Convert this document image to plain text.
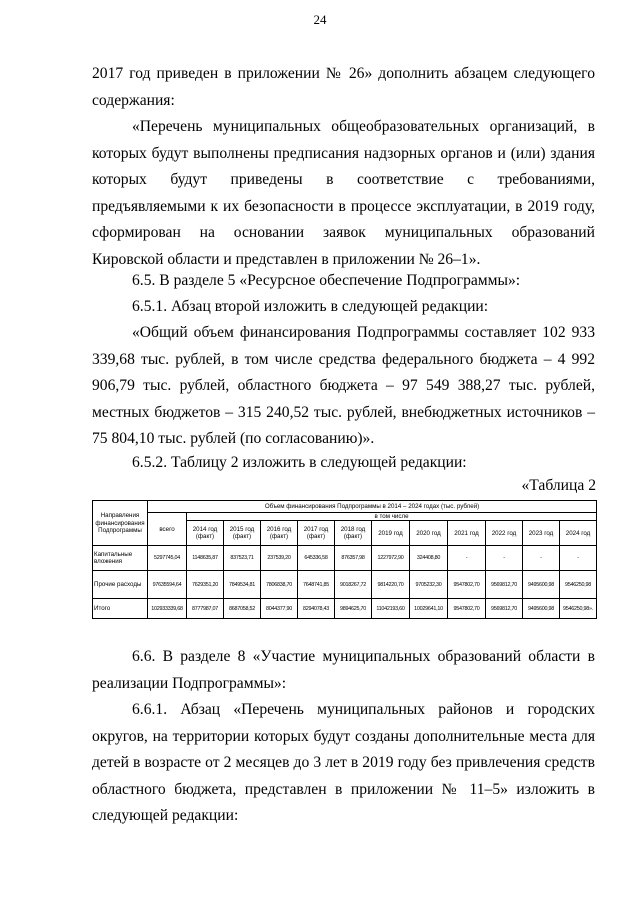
24

2017 год приведен в приложении № 26» дополнить абзацем следующего содержания:

«Перечень муниципальных общеобразовательных организаций, в которых будут выполнены предписания надзорных органов и (или) здания которых будут приведены в соответствие с требованиями, предъявляемыми к их безопасности в процессе эксплуатации, в 2019 году, сформирован на основании заявок муниципальных образований Кировской области и представлен в приложении № 26–1».

6.5. В разделе 5 «Ресурсное обеспечение Подпрограммы»:

6.5.1. Абзац второй изложить в следующей редакции:

«Общий объем финансирования Подпрограммы составляет 102 933 339,68 тыс. рублей, в том числе средства федерального бюджета – 4 992 906,79 тыс. рублей, областного бюджета – 97 549 388,27 тыс. рублей, местных бюджетов – 315 240,52 тыс. рублей, внебюджетных источников – 75 804,10 тыс. рублей (по согласованию)».

6.5.2. Таблицу 2 изложить в следующей редакции:

«Таблица 2
Направления финансирования Подпрограммы	Объем финансирования Подпрограммы в 2014 – 2024 годах (тыс. рублей)											
	всего	в том числе										
		2014 год (факт)	2015 год (факт)	2016 год (факт)	2017 год (факт)	2018 год (факт)	2019 год	2020 год	2021 год	2022 год	2023 год	2024 год
Капитальные вложения	5297745,04	1148635,87	837523,71	237539,20	645336,58	876357,98	1227972,90	324408,80	-	-	-	-
Прочие расходы	97635594,64	7629351,20	7849534,81	7806838,70	7648741,85	9018267,72	9814220,70	9705232,30	9547802,70	9569812,70	9495600,98	9546250,98
Итого	102933339,68	8777987,07	8687058,52	8044377,90	8294078,43	9894625,70	11042193,60	10029641,10	9547802,70	9569812,70	9495600,98	9546250,98».

6.6. В разделе 8 «Участие муниципальных образований области в реализации Подпрограммы»:

6.6.1. Абзац «Перечень муниципальных районов и городских округов, на территории которых будут созданы дополнительные места для детей в возрасте от 2 месяцев до 3 лет в 2019 году без привлечения средств областного бюджета, представлен в приложении № 11–5» изложить в следующей редакции:
